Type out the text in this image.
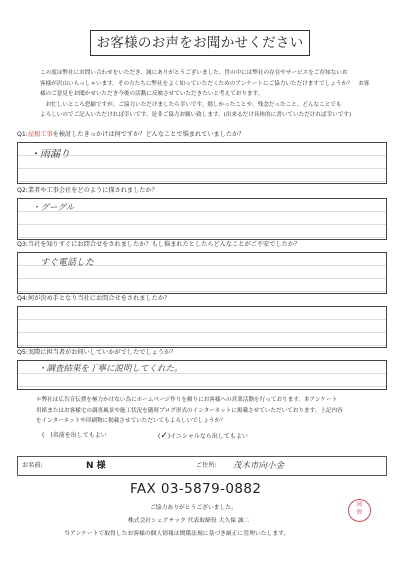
お客様のお声をお聞かせください

この度は弊社にお問い合わせをいただき、誠にありがとうございました。世の中には弊社の存在やサービスをご存知ないお

客様が沢山いらっしゃいます。その方たちに弊社をよく知っていただくためのアンケートにご協力いただけますでしょうか？　お客

様のご意見をお聞かせいただき今後の活動に反映させていただきたいと考えております。

　お忙しいところ恐縮ですが、ご協力いただけましたら幸いです。嬉しかったことや、残念だったこと、どんなことでも

よろしいのでご記入いただければ幸いです。是非ご協力お願い致します。(出来るだけ具体的に書いていただければ幸いです)

Q1:屋根工事を検討したきっかけは何ですか？どんなことで悩まれていましたか？
・雨漏り
Q2:業者や工事会社をどのように探されましたか？
・グーグル
Q3:当社を知りすぐにお問合せをされましたか？もし悩まれたとしたらどんなことがご不安でしたか？
すぐ電話した
Q4:何が決め手となり当社にお問合せをされましたか？
Q5:実際に担当者がお伺いしていかがでしたでしょうか？
・調査結果を丁寧に説明してくれた。

＊弊社は広告宣伝費を極力かけない為にホームページ作りを頼りにお客様への営業活動を行っております。本アンケート

用紙またはお客様宅の調査風景や施工状況を随時ブログ形式のインターネットに掲載させていただいております。上記内容

をインターネットや印刷物に掲載させていただいてもよろしいでしょうか？

(　)名前を出してもよい	(✓)イニシャルなら出してもよい
お名前:	N 様	ご住所: 茂木市向小金
FAX 03-5879-0882
ご協力ありがとうございました。
株式会社シェアテック 代表取締役 大久保 誠二
当アンケートで取得したお客様の個人情報は関係法規に基づき厳正に管理いたします。
岡
野
